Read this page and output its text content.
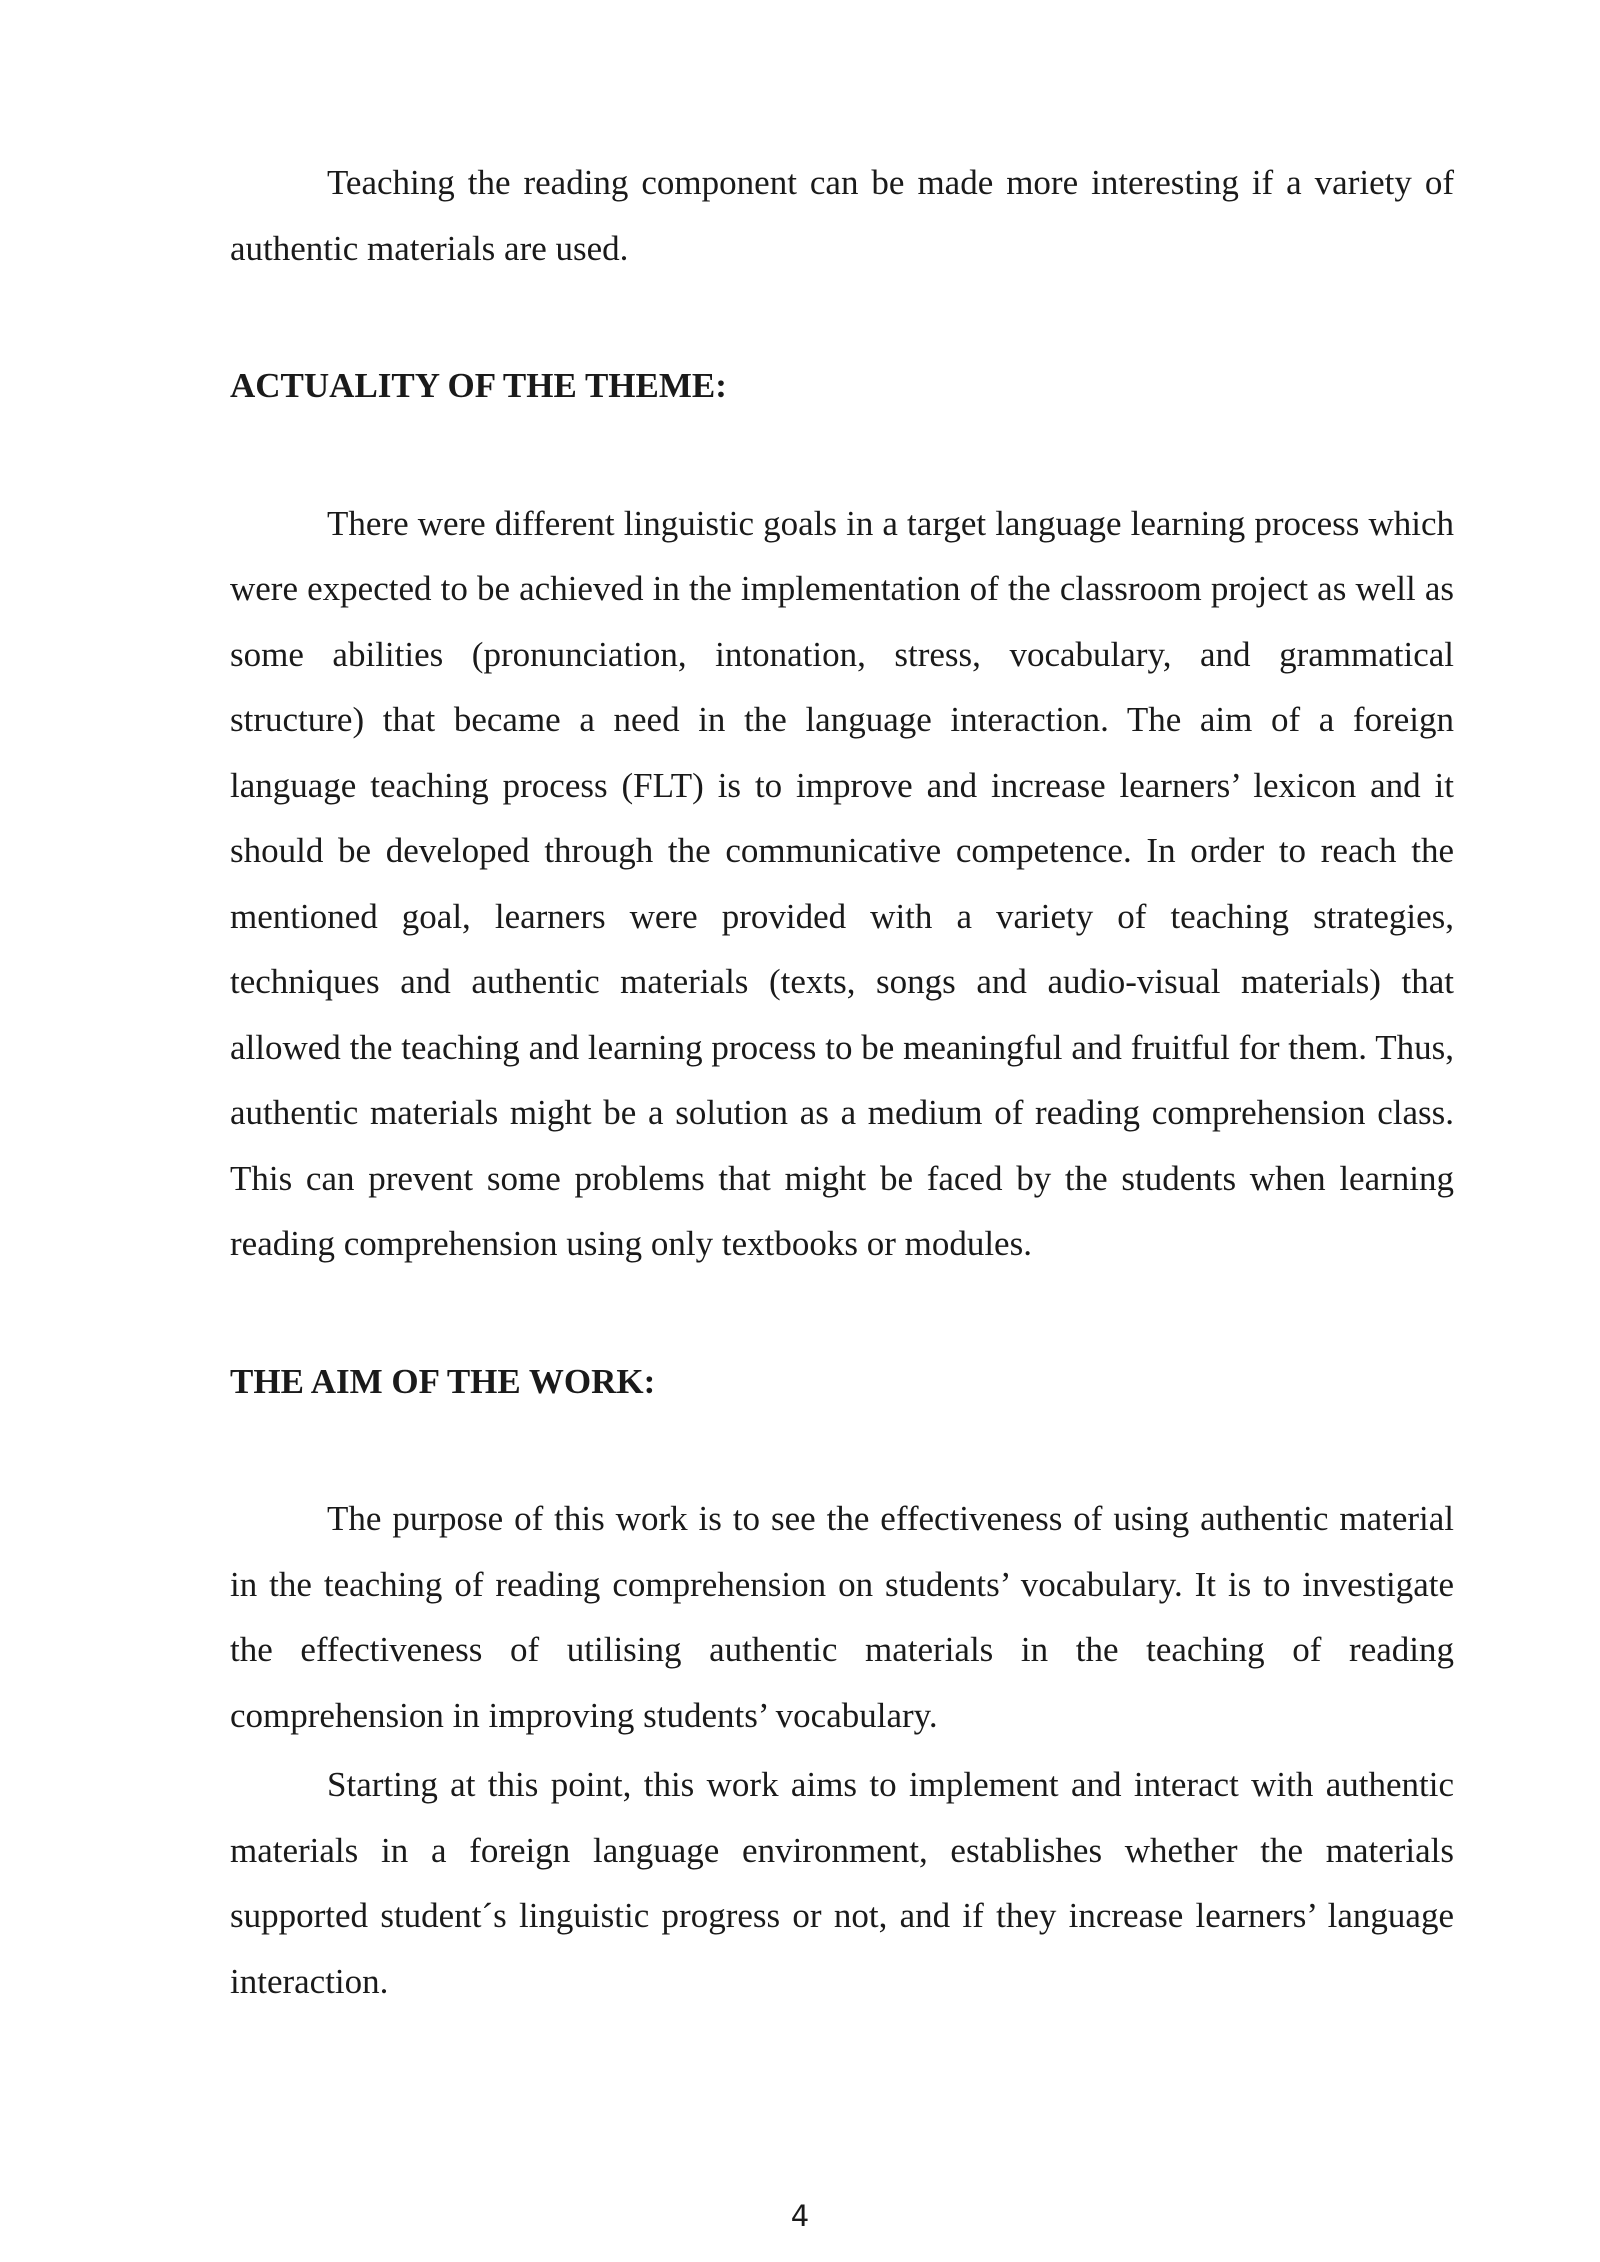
Teaching the reading component can be made more interesting if a variety of authentic materials are used.

ACTUALITY OF THE THEME:

There were different linguistic goals in a target language learning process which were expected to be achieved in the implementation of the classroom project as well as some abilities (pronunciation, intonation, stress, vocabulary, and grammatical structure) that became a need in the language interaction. The aim of a foreign language teaching process (FLT) is to improve and increase learners’ lexicon and it should be developed through the communicative competence. In order to reach the mentioned goal, learners were provided with a variety of teaching strategies, techniques and authentic materials (texts, songs and audio-visual materials) that allowed the teaching and learning process to be meaningful and fruitful for them. Thus, authentic materials might be a solution as a medium of reading comprehension class. This can prevent some problems that might be faced by the students when learning reading comprehension using only textbooks or modules.

THE AIM OF THE WORK:

The purpose of this work is to see the effectiveness of using authentic material in the teaching of reading comprehension on students’ vocabulary. It is to investigate the effectiveness of utilising authentic materials in the teaching of reading comprehension in improving students’ vocabulary.

Starting at this point, this work aims to implement and interact with authentic materials in a foreign language environment, establishes whether the materials supported student´s linguistic progress or not, and if they increase learners’ language interaction.

4
